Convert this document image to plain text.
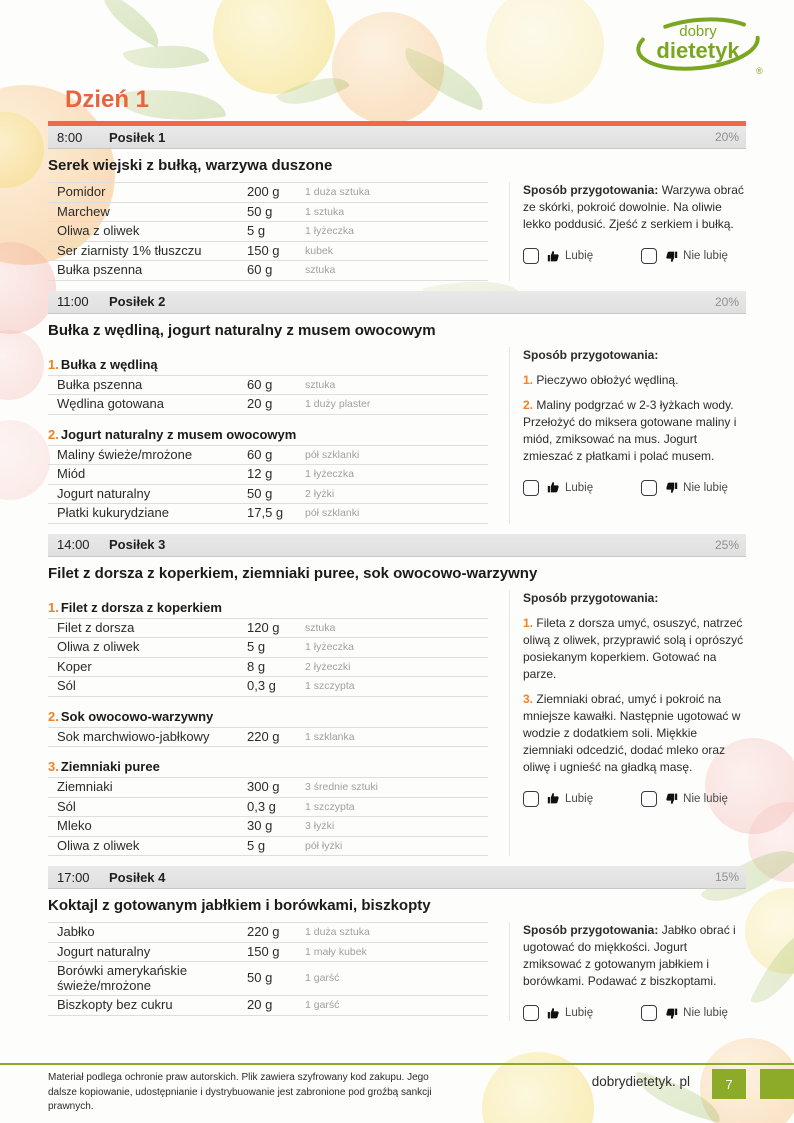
dobry
dietetyk
®
Dzień 1
8:00	Posiłek 1	20%
Serek wiejski z bułką, warzywa duszone
Pomidor	200 g	1 duża sztuka
Marchew	50 g	1 sztuka
Oliwa z oliwek	5 g	1 łyżeczka
Ser ziarnisty 1% tłuszczu	150 g	kubek
Bułka pszenna	60 g	sztuka

Sposób przygotowania: Warzywa obrać ze skórki, pokroić dowolnie. Na oliwie lekko poddusić. Zjeść z serkiem i bułką.

Lubię	Nie lubię
11:00	Posiłek 2	20%
Bułka z wędliną, jogurt naturalny z musem owocowym
1. Bułka z wędliną
Bułka pszenna	60 g	sztuka
Wędlina gotowana	20 g	1 duży plaster
2. Jogurt naturalny z musem owocowym
Maliny świeże/mrożone	60 g	pół szklanki
Miód	12 g	1 łyżeczka
Jogurt naturalny	50 g	2 łyżki
Płatki kukurydziane	17,5 g	pół szklanki

Sposób przygotowania:

1. Pieczywo obłożyć wędliną.

2. Maliny podgrzać w 2-3 łyżkach wody. Przełożyć do miksera gotowane maliny i miód, zmiksować na mus. Jogurt zmieszać z płatkami i polać musem.

Lubię	Nie lubię
14:00	Posiłek 3	25%
Filet z dorsza z koperkiem, ziemniaki puree, sok owocowo-warzywny
1. Filet z dorsza z koperkiem
Filet z dorsza	120 g	sztuka
Oliwa z oliwek	5 g	1 łyżeczka
Koper	8 g	2 łyżeczki
Sól	0,3 g	1 szczypta
2. Sok owocowo-warzywny
Sok marchwiowo-jabłkowy	220 g	1 szklanka
3. Ziemniaki puree
Ziemniaki	300 g	3 średnie sztuki
Sól	0,3 g	1 szczypta
Mleko	30 g	3 łyżki
Oliwa z oliwek	5 g	pół łyżki

Sposób przygotowania:

1. Fileta z dorsza umyć, osuszyć, natrzeć oliwą z oliwek, przyprawić solą i oprószyć posiekanym koperkiem. Gotować na parze.

3. Ziemniaki obrać, umyć i pokroić na mniejsze kawałki. Następnie ugotować w wodzie z dodatkiem soli. Miękkie ziemniaki odcedzić, dodać mleko oraz oliwę i ugnieść na gładką masę.

Lubię	Nie lubię
17:00	Posiłek 4	15%
Koktajl z gotowanym jabłkiem i borówkami, biszkopty
Jabłko	220 g	1 duża sztuka
Jogurt naturalny	150 g	1 mały kubek
Borówki amerykańskie świeże/mrożone	50 g	1 garść
Biszkopty bez cukru	20 g	1 garść

Sposób przygotowania: Jabłko obrać i ugotować do miękkości. Jogurt zmiksować z gotowanym jabłkiem i borówkami. Podawać z biszkoptami.

Lubię	Nie lubię
Materiał podlega ochronie praw autorskich. Plik zawiera szyfrowany kod zakupu. Jego dalsze kopiowanie, udostępnianie i dystrybuowanie jest zabronione pod groźbą sankcji prawnych.
dobrydietetyk. pl	7
